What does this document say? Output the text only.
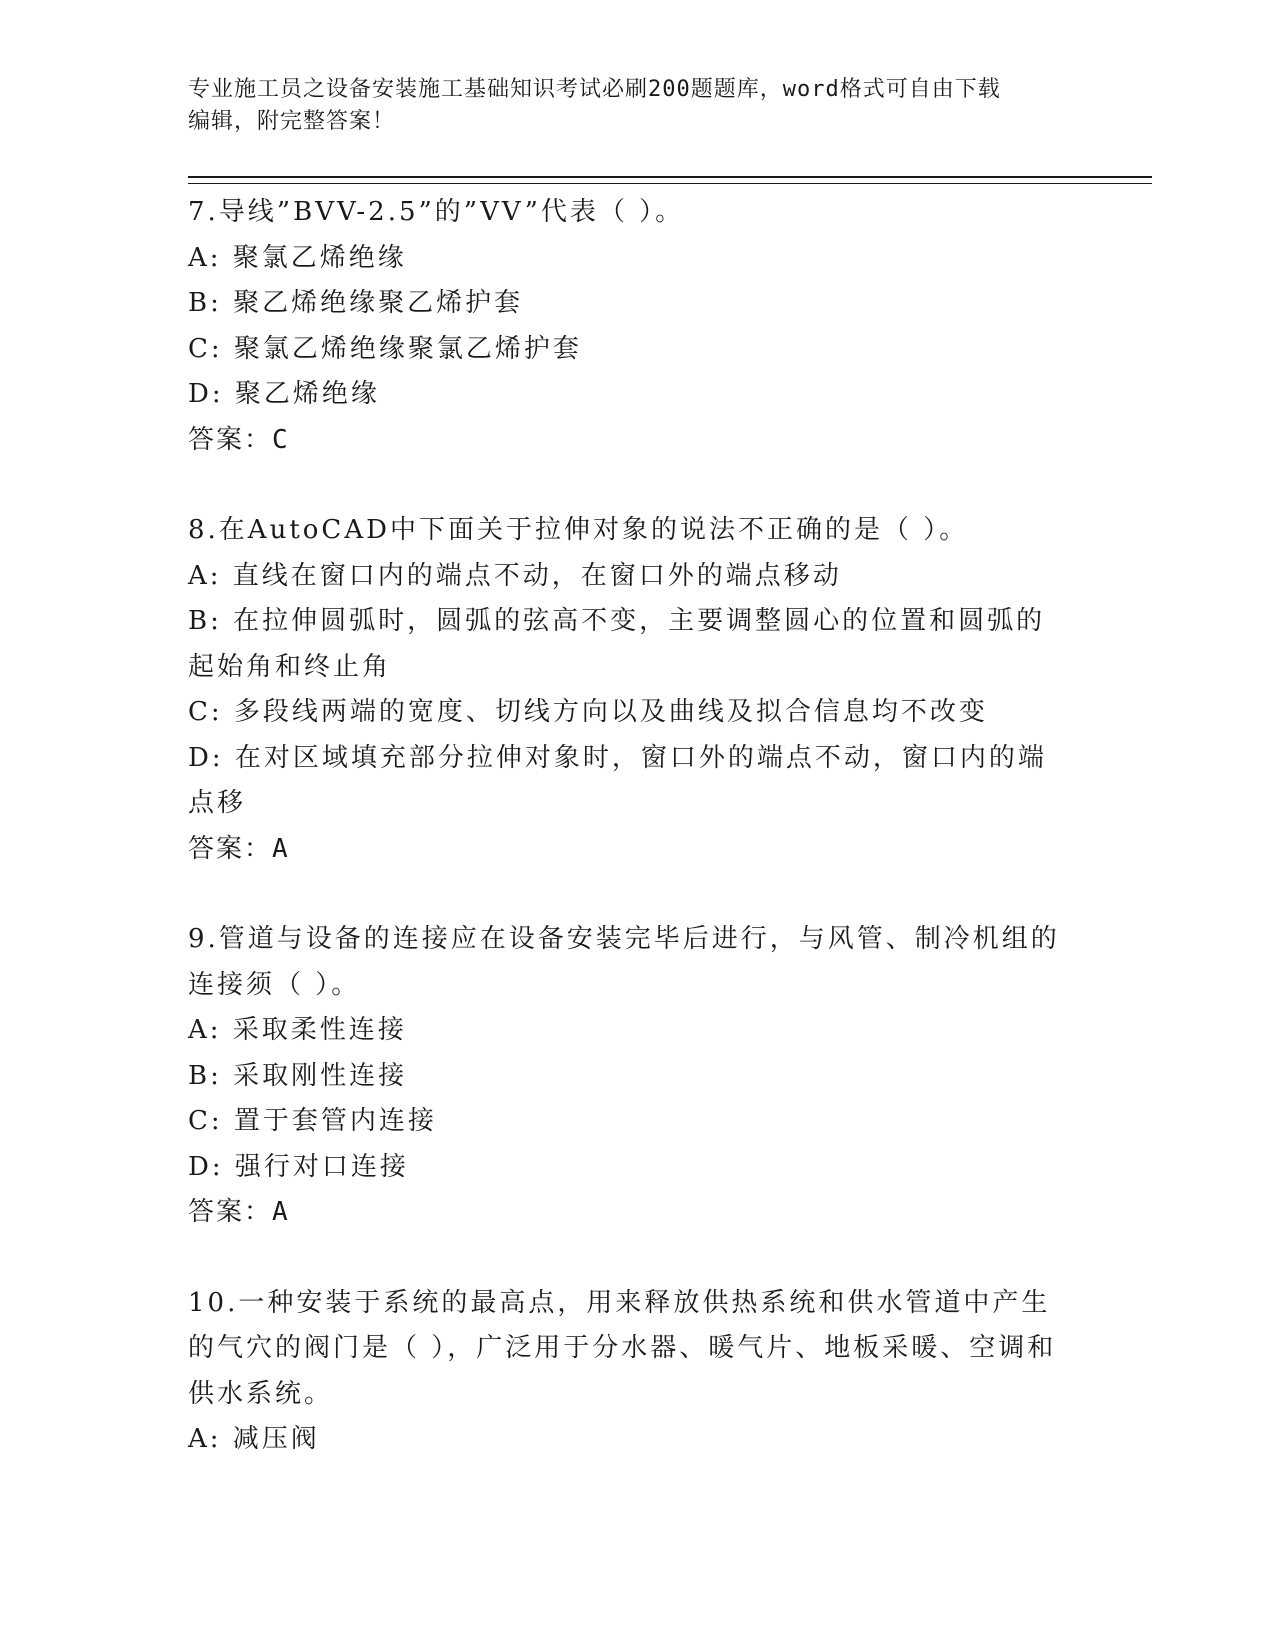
专业施工员之设备安装施工基础知识考试必刷200题题库，word格式可自由下载
编辑，附完整答案！

7.导线”BVV-2.5”的”VV”代表（ ）。

A: 聚氯乙烯绝缘
B: 聚乙烯绝缘聚乙烯护套
C: 聚氯乙烯绝缘聚氯乙烯护套
D: 聚乙烯绝缘
答案：C

8.在AutoCAD中下面关于拉伸对象的说法不正确的是（ ）。

A: 直线在窗口内的端点不动，在窗口外的端点移动
B: 在拉伸圆弧时，圆弧的弦高不变，主要调整圆心的位置和圆弧的起始角和终止角
C: 多段线两端的宽度、切线方向以及曲线及拟合信息均不改变
D: 在对区域填充部分拉伸对象时，窗口外的端点不动，窗口内的端点移
答案：A

9.管道与设备的连接应在设备安装完毕后进行，与风管、制冷机组的连接须（ ）。

A: 采取柔性连接
B: 采取刚性连接
C: 置于套管内连接
D: 强行对口连接
答案：A

10.一种安装于系统的最高点，用来释放供热系统和供水管道中产生的气穴的阀门是（ ），广泛用于分水器、暖气片、地板采暖、空调和供水系统。

A: 减压阀
